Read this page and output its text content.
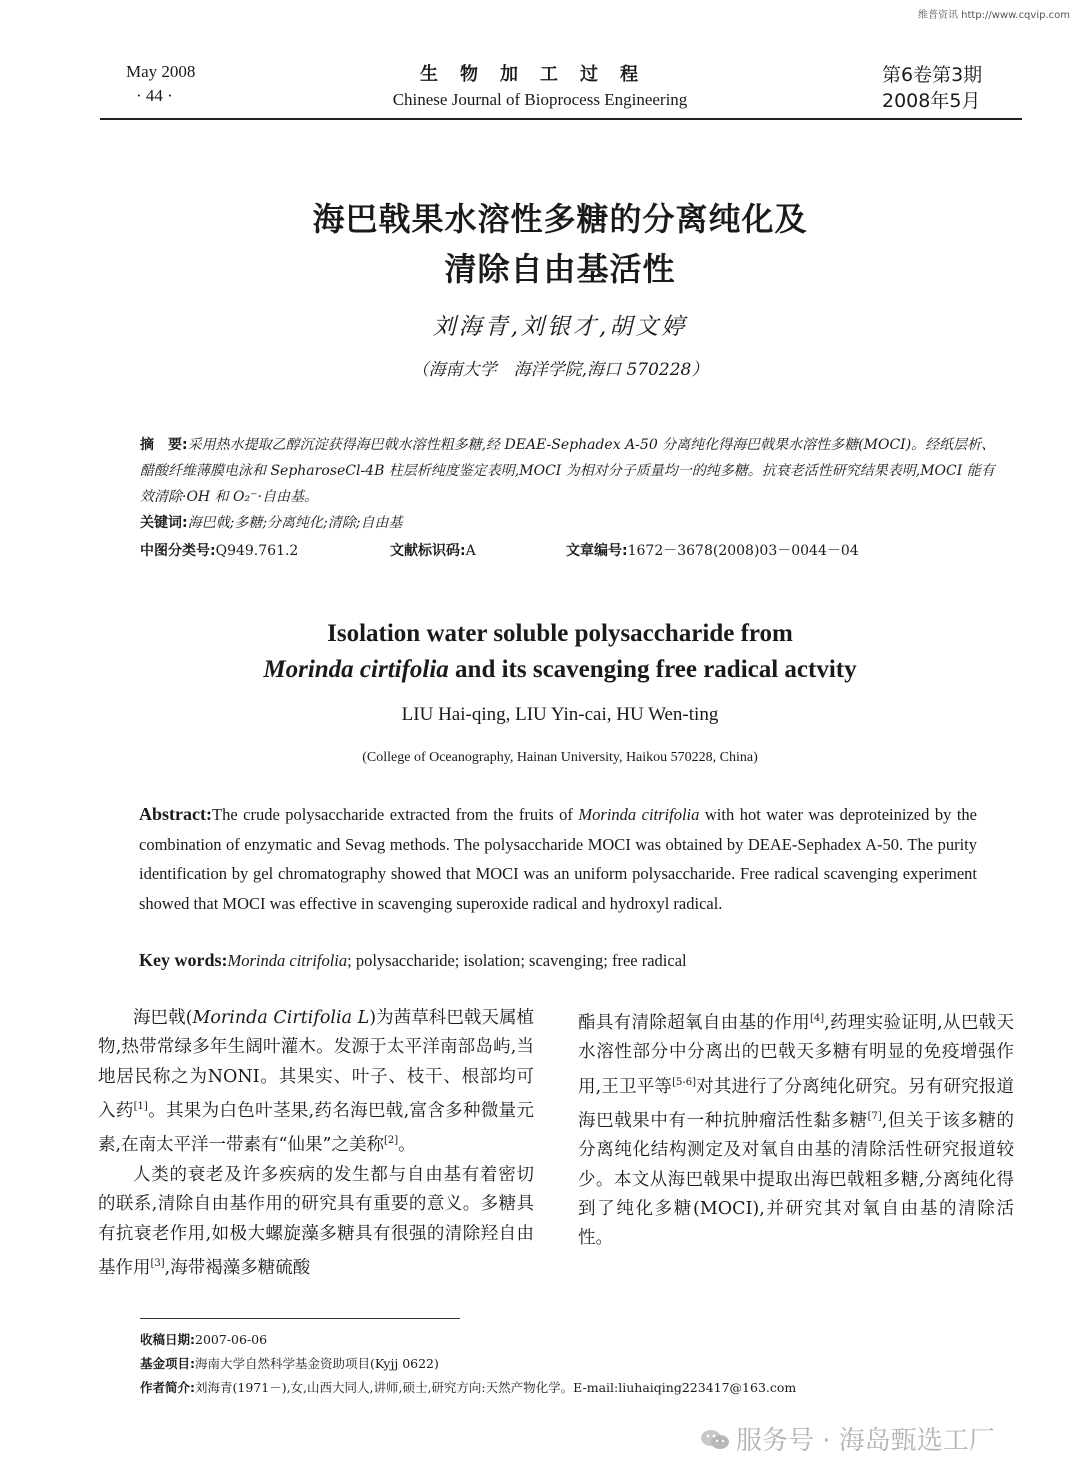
维普资讯 http://www.cqvip.com
May 2008
· 44 ·
生物加工过程
Chinese Journal of Bioprocess Engineering
第6卷第3期
2008年5月
海巴戟果水溶性多糖的分离纯化及
清除自由基活性
刘海青,刘银才,胡文婷
（海南大学　海洋学院,海口 570228）
摘　要:采用热水提取乙醇沉淀获得海巴戟水溶性粗多糖,经 DEAE-Sephadex A-50 分离纯化得海巴戟果水溶性多糖(MOCI)。经纸层析、醋酸纤维薄膜电泳和 SepharoseCl-4B 柱层析纯度鉴定表明,MOCI 为相对分子质量均一的纯多糖。抗衰老活性研究结果表明,MOCI 能有效清除·OH 和 O₂⁻·自由基。
关键词:海巴戟;多糖;分离纯化;清除;自由基
中图分类号:Q949.761.2	文献标识码:A	文章编号:1672－3678(2008)03－0044－04
Isolation water soluble polysaccharide from
Morinda cirtifolia and its scavenging free radical actvity
LIU Hai-qing, LIU Yin-cai, HU Wen-ting
(College of Oceanography, Hainan University, Haikou 570228, China)
Abstract:The crude polysaccharide extracted from the fruits of Morinda citrifolia with hot water was deproteinized by the combination of enzymatic and Sevag methods. The polysaccharide MOCI was obtained by DEAE-Sephadex A-50. The purity identification by gel chromatography showed that MOCI was an uniform polysaccharide. Free radical scavenging experiment showed that MOCI was effective in scavenging superoxide radical and hydroxyl radical.
Key words:Morinda citrifolia; polysaccharide; isolation; scavenging; free radical

海巴戟(Morinda Cirtifolia L)为茜草科巴戟天属植物,热带常绿多年生阔叶灌木。发源于太平洋南部岛屿,当地居民称之为NONI。其果实、叶子、枝干、根部均可入药[1]。其果为白色叶茎果,药名海巴戟,富含多种微量元素,在南太平洋一带素有“仙果”之美称[2]。

人类的衰老及许多疾病的发生都与自由基有着密切的联系,清除自由基作用的研究具有重要的意义。多糖具有抗衰老作用,如极大螺旋藻多糖具有很强的清除羟自由基作用[3],海带褐藻多糖硫酸

酯具有清除超氧自由基的作用[4],药理实验证明,从巴戟天水溶性部分中分离出的巴戟天多糖有明显的免疫增强作用,王卫平等[5-6]对其进行了分离纯化研究。另有研究报道海巴戟果中有一种抗肿瘤活性黏多糖[7],但关于该多糖的分离纯化结构测定及对氧自由基的清除活性研究报道较少。本文从海巴戟果中提取出海巴戟粗多糖,分离纯化得到了纯化多糖(MOCI),并研究其对氧自由基的清除活性。

收稿日期:2007-06-06
基金项目:海南大学自然科学基金资助项目(Kyjj 0622)
作者简介:刘海青(1971－),女,山西大同人,讲师,硕士,研究方向:天然产物化学。E-mail:liuhaiqing223417@163.com
服务号 · 海岛甄选工厂
